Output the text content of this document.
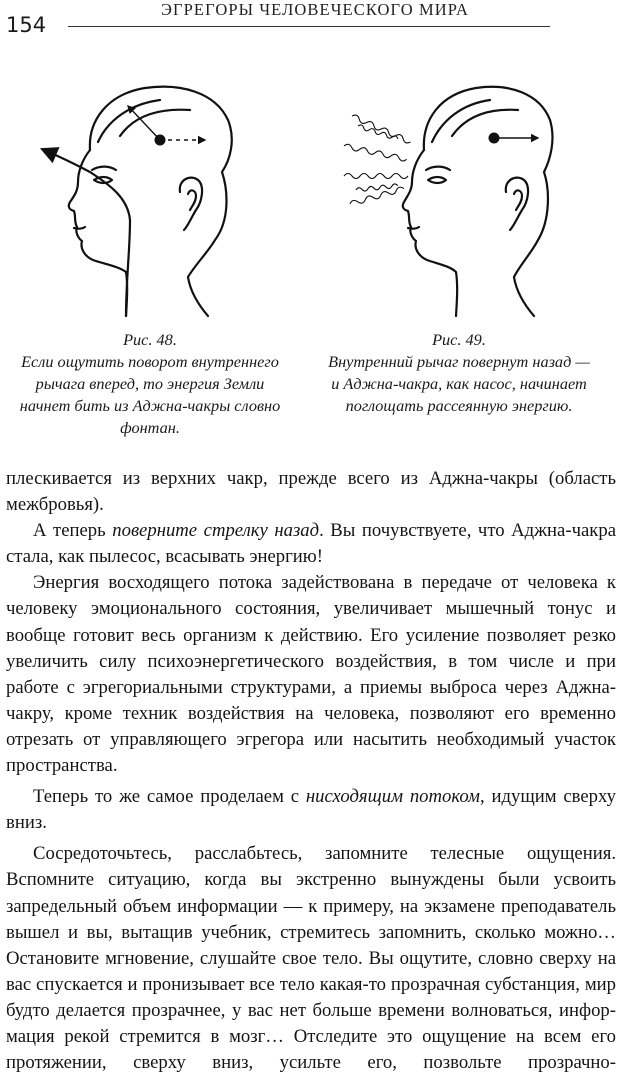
154
ЭГРЕГОРЫ ЧЕЛОВЕЧЕСКОГО МИРА
Рис. 48.
Если ощутить поворот внутреннего рычага вперед, то энергия Земли начнет бить из Аджна-чакры словно фонтан.
Рис. 49.
Внутренний рычаг повернут назад — и Аджна-чакра, как насос, начинает поглощать рассеянную энергию.

плескивается из верхних чакр, прежде всего из Аджна-чакры (область межбровья).

А теперь поверните стрелку назад. Вы почувствуете, что Аджна-чакра стала, как пылесос, всасывать энергию!

Энергия восходящего потока задействована в передаче от человека к человеку эмоционального состояния, увеличивает мышечный тонус и вообще готовит весь организм к действию. Его усиление позволяет резко увеличить силу психоэнергетического воздействия, в том числе и при работе с эгрегориальными структурами, а приемы выброса через Аджна-чакру, кроме техник воздействия на человека, позволяют его временно отрезать от управляющего эгрегора или насытить необходимый участок пространства.

Теперь то же самое проделаем с нисходящим потоком, идущим сверху вниз.

Сосредоточьтесь, расслабьтесь, запомните телесные ощущения. Вспомните ситуацию, когда вы экстренно вынуждены были усвоить запредельный объем информации — к примеру, на экзамене преподаватель вышел и вы, вытащив учебник, стремитесь запомнить, сколько можно… Остановите мгновение, слушайте свое тело. Вы ощутите, словно сверху на вас спускается и пронизывает все тело какая-то прозрачная субстанция, мир будто делается прозрачнее, у вас нет больше времени волноваться, информация рекой стремится в мозг… Отследите это ощущение на всем его протяжении, сверху вниз, усильте его, позвольте прозрачно-
